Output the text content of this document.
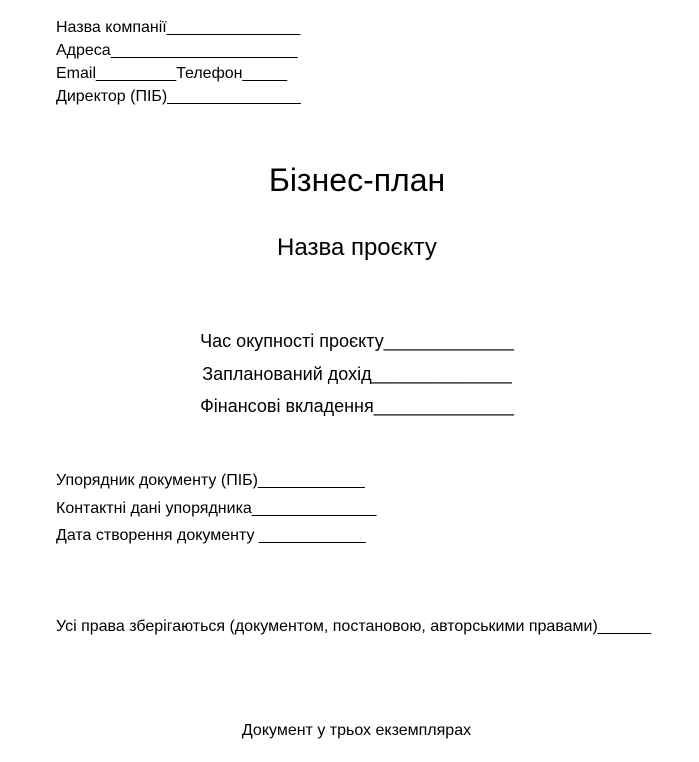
Назва компанії_______________
Адреса_____________________
Email_________Телефон_____
Директор (ПІБ)_______________
Бізнес-план
Назва проєкту
Час окупності проєкту_____________
Запланований дохід______________
Фінансові вкладення______________
Упорядник документу (ПІБ)____________
Контактні дані упорядника______________
Дата створення документу ____________
Усі права зберігаються (документом, постановою, авторськими правами)______
Документ у трьох екземплярах
